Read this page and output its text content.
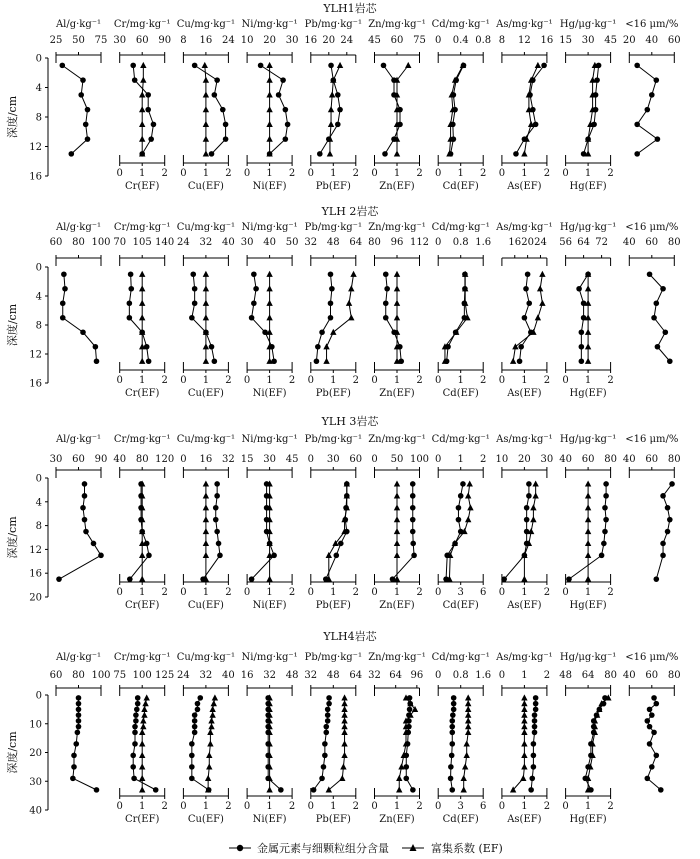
YLH1岩芯
0
4
8
12
16
深度/cm
Al/g·kg⁻¹
25 50 75
Cr/mg·kg⁻¹
30 60 90
0 1 2
Cr(EF)
Cu/mg·kg⁻¹
8 16 24
0 1 2
Cu(EF)
Ni/mg·kg⁻¹
10 20 30
0 1 2
Ni(EF)
Pb/mg·kg⁻¹
16 20 24
0 1 2
Pb(EF)
Zn/mg·kg⁻¹
45 60 75
0 1 2
Zn(EF)
Cd/mg·kg⁻¹
0 0.4 0.8
0 1 2
Cd(EF)
As/mg·kg⁻¹
8 12 16
0 1 2
As(EF)
Hg/μg·kg⁻¹
15 30 45
0 1 2
Hg(EF)
<16 μm/%
20 40 60
YLH 2岩芯
0
4
8
12
16
深度/cm
Al/g·kg⁻¹
60 80 100
Cr/mg·kg⁻¹
70 105 140
0 1 2
Cr(EF)
Cu/mg·kg⁻¹
24 32 40
0 1 2
Cu(EF)
Ni/mg·kg⁻¹
30 40 50
0 1 2
Ni(EF)
Pb/mg·kg⁻¹
32 48 64
0 1 2
Pb(EF)
Zn/mg·kg⁻¹
80 96 112
0 1 2
Zn(EF)
Cd/mg·kg⁻¹
0 0.8 1.6
0 1 2
Cd(EF)
As/mg·kg⁻¹
16 20 24
0 1 2
As(EF)
Hg/μg·kg⁻¹
56 64 72
0 1 2
Hg(EF)
<16 μm/%
40 60 80
YLH 3岩芯
0
4
8
12
16
20
深度/cm
Al/g·kg⁻¹
30 60 90
Cr/mg·kg⁻¹
40 80 120
0 1 2
Cr(EF)
Cu/mg·kg⁻¹
0 16 32
0 1 2
Cu(EF)
Ni/mg·kg⁻¹
15 30 45
0 1 2
Ni(EF)
Pb/mg·kg⁻¹
0 30 60
0 1 2
Pb(EF)
Zn/mg·kg⁻¹
0 50 100
0 1 2
Zn(EF)
Cd/mg·kg⁻¹
0 1 2
0 3 6
Cd(EF)
As/mg·kg⁻¹
10 20 30
0 1 2
As(EF)
Hg/μg·kg⁻¹
40 60 80
0 1 2
Hg(EF)
<16 μm/%
40 60 80
YLH4岩芯
0
10
20
30
40
深度/cm
Al/g·kg⁻¹
60 80 100
Cr/mg·kg⁻¹
75 100 125
0 1 2
Cr(EF)
Cu/mg·kg⁻¹
24 32 40
0 1 2
Cu(EF)
Ni/mg·kg⁻¹
16 32 48
0 1 2
Ni(EF)
Pb/mg·kg⁻¹
32 48 64
0 1 2
Pb(EF)
Zn/mg·kg⁻¹
32 64 96
0 1 2
Zn(EF)
Cd/mg·kg⁻¹
0 0.8 1.6
0 3 6
Cd(EF)
As/mg·kg⁻¹
0 1 2
0 1 2
As(EF)
Hg/μg·kg⁻¹
48 64 80
0 1 2
Hg(EF)
<16 μm/%
40 60 80
金属元素与细颗粒组分含量	富集系数 (EF)
